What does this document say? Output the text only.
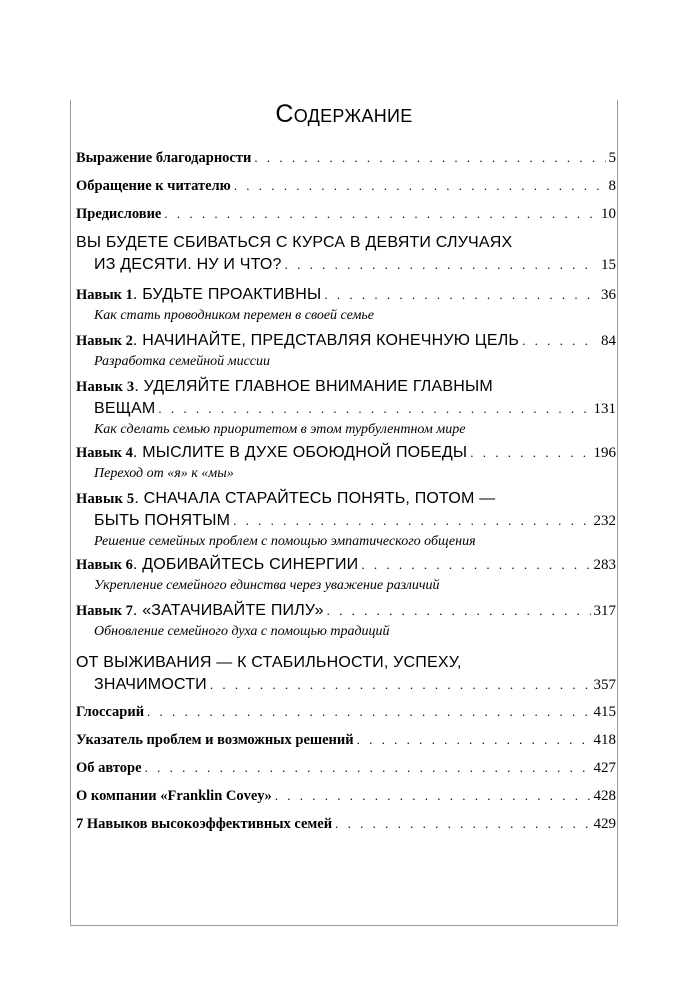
Содержание
Выражение благодарности . . .	5
Обращение к читателю . . .	8
Предисловие . . .	10
ВЫ БУДЕТЕ СБИВАТЬСЯ С КУРСА В ДЕВЯТИ СЛУЧАЯХ
ИЗ ДЕСЯТИ. НУ И ЧТО? . . .	15
Навык 1. БУДЬТЕ ПРОАКТИВНЫ . . .	36
Как стать проводником перемен в своей семье
Навык 2. НАЧИНАЙТЕ, ПРЕДСТАВЛЯЯ КОНЕЧНУЮ ЦЕЛЬ . . .	84
Разработка семейной миссии
Навык 3. УДЕЛЯЙТЕ ГЛАВНОЕ ВНИМАНИЕ ГЛАВНЫМ
ВЕЩАМ . . .	131
Как сделать семью приоритетом в этом турбулентном мире
Навык 4. МЫСЛИТЕ В ДУХЕ ОБОЮДНОЙ ПОБЕДЫ . . .	196
Переход от «я» к «мы»
Навык 5. СНАЧАЛА СТАРАЙТЕСЬ ПОНЯТЬ, ПОТОМ —
БЫТЬ ПОНЯТЫМ . . .	232
Решение семейных проблем с помощью эмпатического общения
Навык 6. ДОБИВАЙТЕСЬ СИНЕРГИИ . . .	283
Укрепление семейного единства через уважение различий
Навык 7. «ЗАТАЧИВАЙТЕ ПИЛУ» . . .	317
Обновление семейного духа с помощью традиций
ОТ ВЫЖИВАНИЯ — К СТАБИЛЬНОСТИ, УСПЕХУ,
ЗНАЧИМОСТИ . . .	357
Глоссарий . . .	415
Указатель проблем и возможных решений . . .	418
Об авторе . . .	427
О компании «Franklin Covey» . . .	428
7 Навыков высокоэффективных семей . . .	429
